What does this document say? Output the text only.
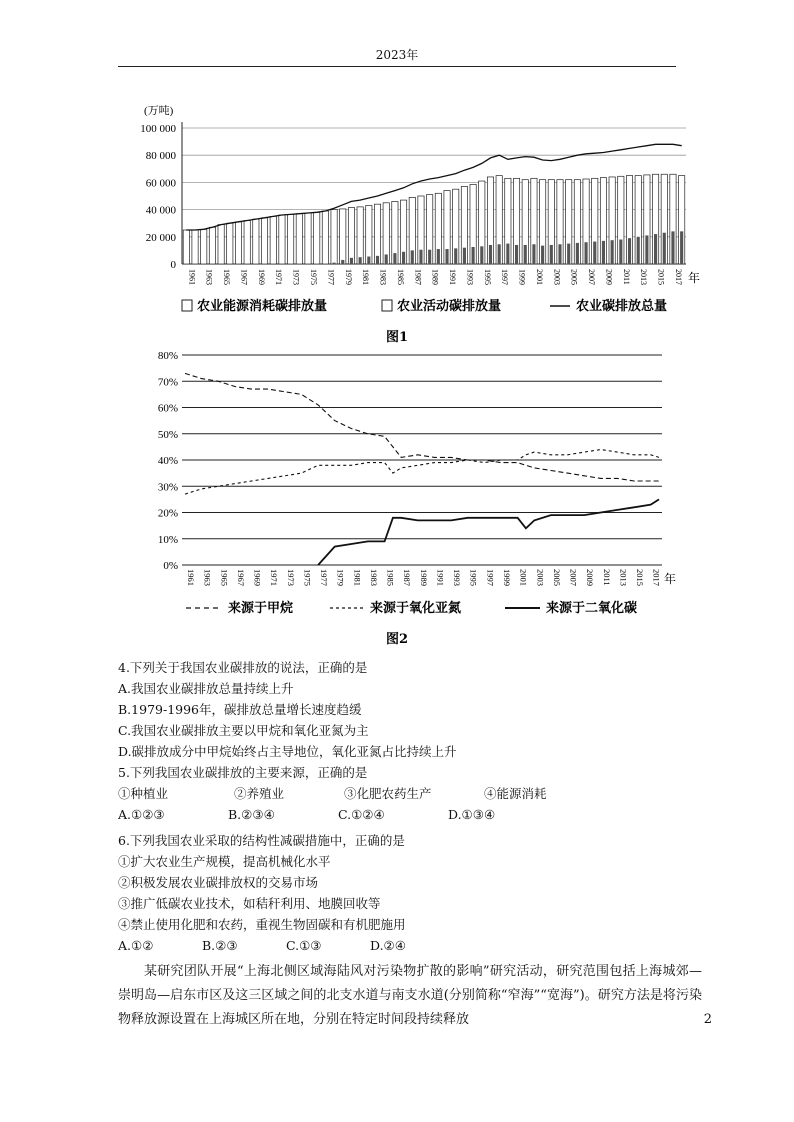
2023年
(万吨)
100 000
80 000
60 000
40 000
20 000
0
1961 1963 1965 1967 1969 1971 1973 1975 1977 1979 1981 1983 1985 1987 1989 1991 1993 1995 1997 1999 2001 2003 2005 2007 2009 2011 2013 2015 2017 年
农业能源消耗碳排放量	农业活动碳排放量	农业碳排放总量
图1
80%
70%
60%
50%
40%
30%
20%
10%
0%
1961 1963 1965 1967 1969 1971 1973 1975 1977 1979 1981 1983 1985 1987 1989 1991 1993 1995 1997 1999 2001 2003 2005 2007 2009 2011 2013 2015 2017 年
来源于甲烷	来源于氧化亚氮	来源于二氧化碳
图2

4.下列关于我国农业碳排放的说法，正确的是

A.我国农业碳排放总量持续上升

B.1979-1996年，碳排放总量增长速度趋缓

C.我国农业碳排放主要以甲烷和氧化亚氮为主

D.碳排放成分中甲烷始终占主导地位，氧化亚氮占比持续上升

5.下列我国农业碳排放的主要来源，正确的是

①种植业	②养殖业	③化肥农药生产	④能源消耗

A.①②③	B.②③④	C.①②④	D.①③④

6.下列我国农业采取的结构性减碳措施中，正确的是

①扩大农业生产规模，提高机械化水平

②积极发展农业碳排放权的交易市场

③推广低碳农业技术，如秸秆利用、地膜回收等

④禁止使用化肥和农药，重视生物固碳和有机肥施用

A.①②	B.②③	C.①③	D.②④

某研究团队开展“上海北侧区域海陆风对污染物扩散的影响”研究活动，研究范围包括上海城郊—崇明岛—启东市区及这三区域之间的北支水道与南支水道(分别简称“窄海”“宽海”)。研究方法是将污染物释放源设置在上海城区所在地，分别在特定时间段持续释放	2
